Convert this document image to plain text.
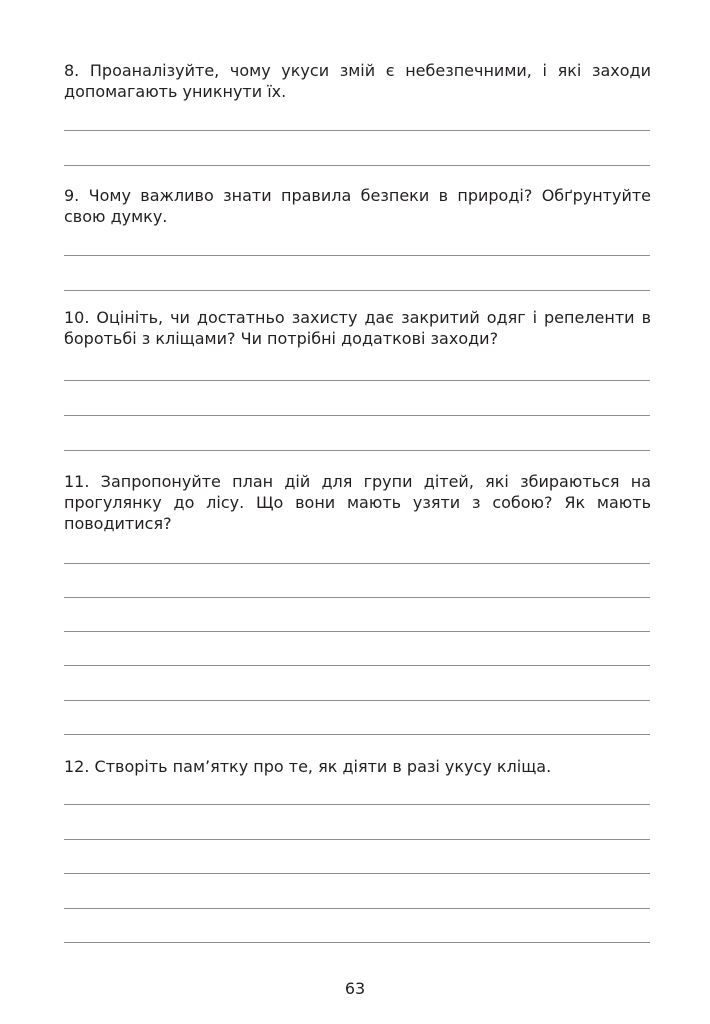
8. Проаналізуйте, чому укуси змій є небезпечними, і які заходи допомагають уникнути їх.

9. Чому важливо знати правила безпеки в природі? Обґрунтуйте свою думку.

10. Оцініть, чи достатньо захисту дає закритий одяг і репеленти в боротьбі з кліщами? Чи потрібні додаткові заходи?

11. Запропонуйте план дій для групи дітей, які збираються на прогулянку до лісу. Що вони мають узяти з собою? Як мають поводитися?

12. Створіть пам’ятку про те, як діяти в разі укусу кліща.

63
